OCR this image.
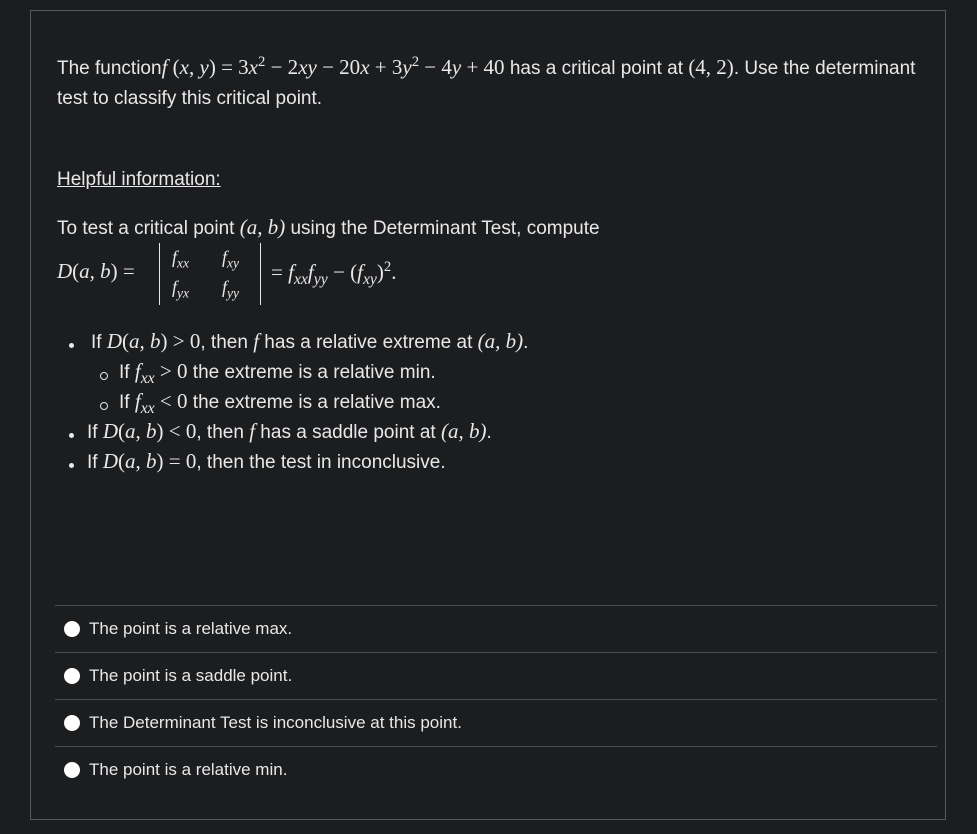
The functionf (x, $y) = 3x^2 - 2xy - 20x + 3y^2 - 4y + 40$ has a critical point at (4, 2). Use the determinant test to classify this critical point.
Helpful information:
To test a critical point (a, b) using the Determinant Test, compute
D(a, b) =
$f_{xx}$ $f_{xy}$
$f_{yx}$ $f_{yy}$
= $f_{xx}f_{yy} - (f_{xy})^2$.
If D(a, b) > 0, then f has a relative extreme at (a, b).
If $f_{xx} > 0$ the extreme is a relative min.
If $f_{xx} < 0$ the extreme is a relative max.
If D(a, b) < 0, then f has a saddle point at (a, b).
If D(a, b) = 0, then the test in inconclusive.
The point is a relative max.
The point is a saddle point.
The Determinant Test is inconclusive at this point.
The point is a relative min.
